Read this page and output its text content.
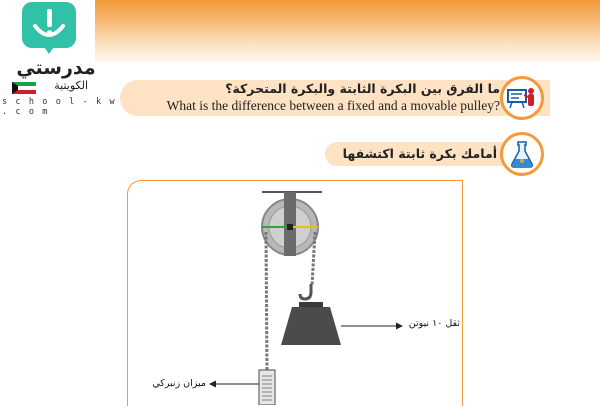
مدرستي
الكويتية
s c h o o l - k w . c o m
ما الفرق بين البكرة الثابتة والبكرة المتحركة؟
What is the difference between a fixed and a movable pulley?
أمامك بكرة ثابتة اكتشفها
ثقل ١٠ نيوتن
ميزان زنبركي
